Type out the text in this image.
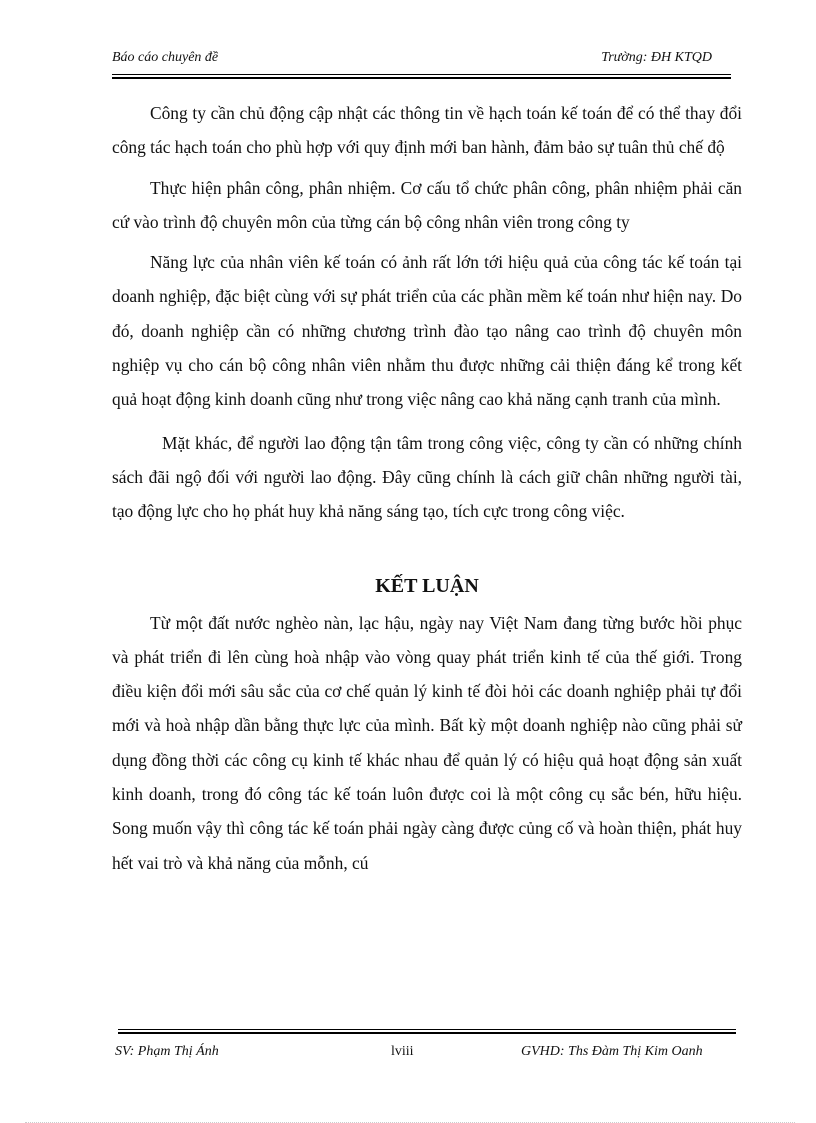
Báo cáo chuyên đề	Trường: ĐH KTQD

Công ty cần chủ động cập nhật các thông tin về hạch toán kế toán để có thể thay đổi công tác hạch toán cho phù hợp với quy định mới ban hành, đảm bảo sự tuân thủ chế độ

Thực hiện phân công, phân nhiệm. Cơ cấu tổ chức phân công, phân nhiệm phải căn cứ vào trình độ chuyên môn của từng cán bộ công nhân viên trong công ty

Năng lực của nhân viên kế toán có ảnh rất lớn tới hiệu quả của công tác kế toán tại doanh nghiệp, đặc biệt cùng với sự phát triển của các phần mềm kế toán như hiện nay. Do đó, doanh nghiệp cần có những chương trình đào tạo nâng cao trình độ chuyên môn nghiệp vụ cho cán bộ công nhân viên nhằm thu được những cải thiện đáng kể trong kết quả hoạt động kinh doanh cũng như trong việc nâng cao khả năng cạnh tranh của mình.

Mặt khác, để người lao động tận tâm trong công việc, công ty cần có những chính sách đãi ngộ đối với người lao động. Đây cũng chính là cách giữ chân những người tài, tạo động lực cho họ phát huy khả năng sáng tạo, tích cực trong công việc.

KẾT LUẬN

Từ một đất nước nghèo nàn, lạc hậu, ngày nay Việt Nam đang từng bước hồi phục và phát triển đi lên cùng hoà nhập vào vòng quay phát triển kinh tế của thế giới. Trong điều kiện đổi mới sâu sắc của cơ chế quản lý kinh tế đòi hỏi các doanh nghiệp phải tự đổi mới và hoà nhập dần bằng thực lực của mình. Bất kỳ một doanh nghiệp nào cũng phải sử dụng đồng thời các công cụ kinh tế khác nhau để quản lý có hiệu quả hoạt động sản xuất kinh doanh, trong đó công tác kế toán luôn được coi là một công cụ sắc bén, hữu hiệu. Song muốn vậy thì công tác kế toán phải ngày càng được củng cố và hoàn thiện, phát huy hết vai trò và khả năng của mỗnh, cú

SV: Phạm Thị Ánh	lviii	GVHD: Ths Đàm Thị Kim Oanh
